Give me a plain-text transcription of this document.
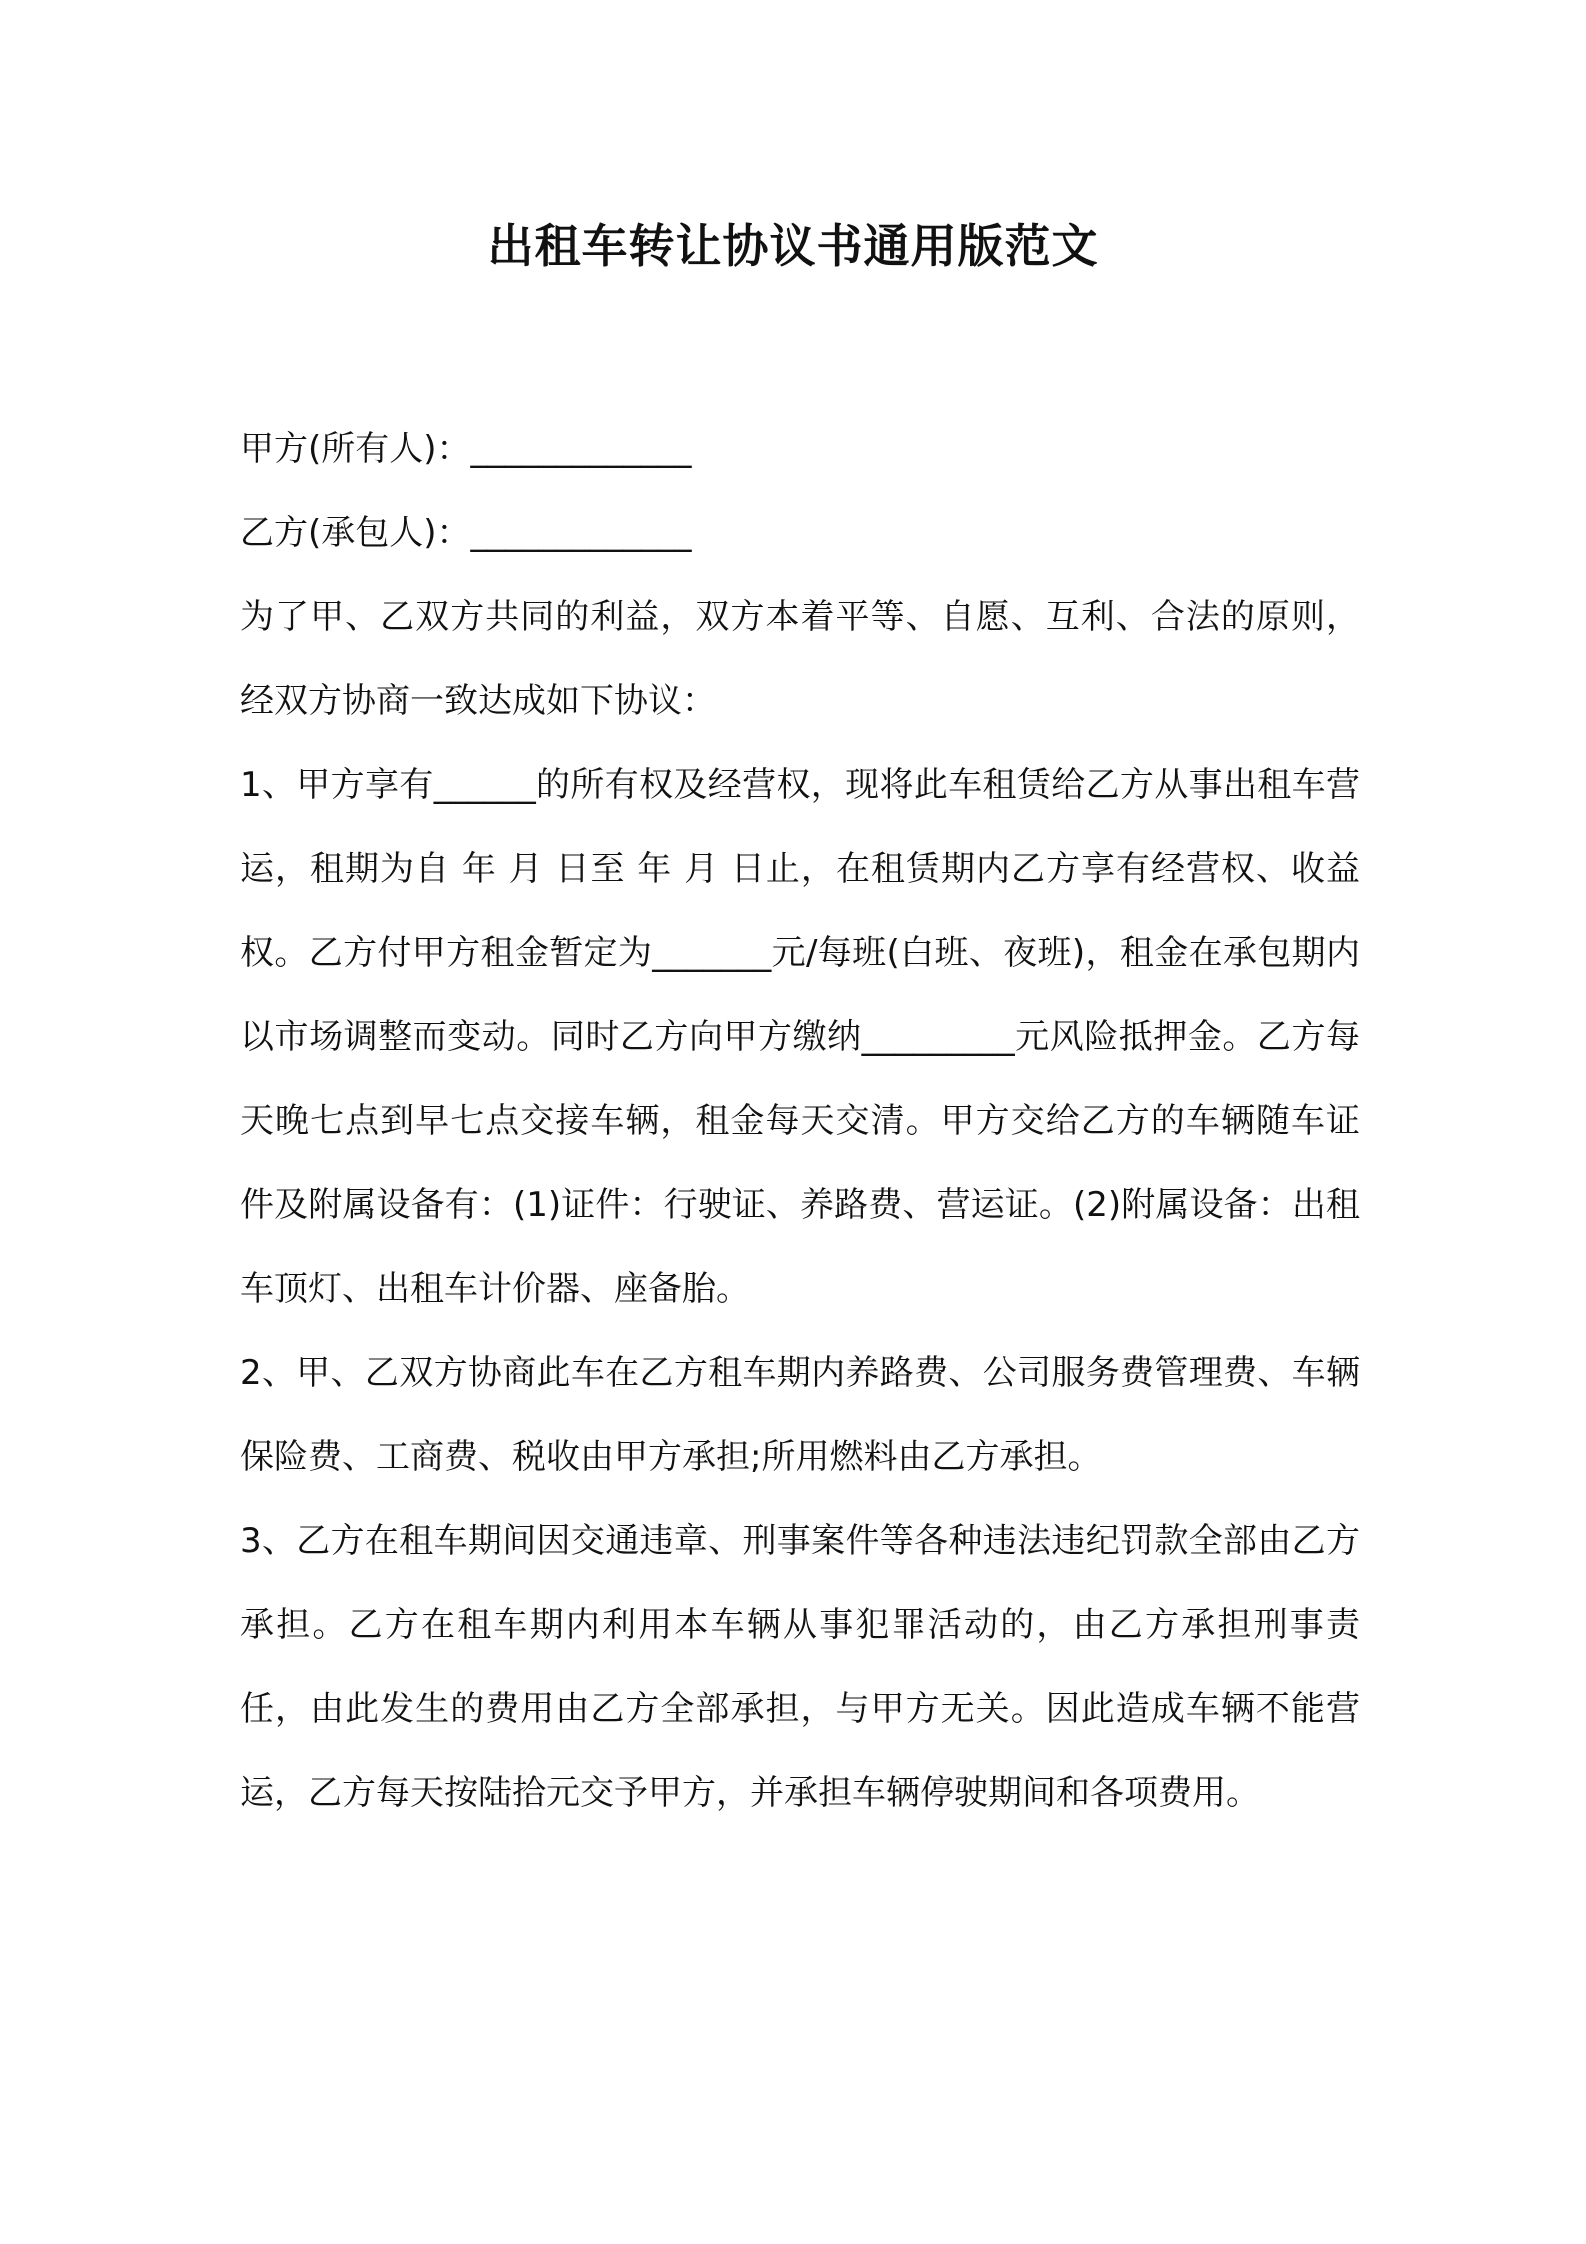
出租车转让协议书通用版范文

甲方(所有人)：_____________

乙方(承包人)：_____________

为了甲、乙双方共同的利益，双方本着平等、自愿、互利、合法的原则，经双方协商一致达成如下协议：

1、甲方享有______的所有权及经营权，现将此车租赁给乙方从事出租车营运，租期为自 年 月 日至 年 月 日止，在租赁期内乙方享有经营权、收益权。乙方付甲方租金暂定为_______元/每班(白班、夜班)，租金在承包期内以市场调整而变动。同时乙方向甲方缴纳_________元风险抵押金。乙方每天晚七点到早七点交接车辆，租金每天交清。甲方交给乙方的车辆随车证件及附属设备有：(1)证件：行驶证、养路费、营运证。(2)附属设备：出租车顶灯、出租车计价器、座备胎。

2、甲、乙双方协商此车在乙方租车期内养路费、公司服务费管理费、车辆保险费、工商费、税收由甲方承担;所用燃料由乙方承担。

3、乙方在租车期间因交通违章、刑事案件等各种违法违纪罚款全部由乙方承担。乙方在租车期内利用本车辆从事犯罪活动的，由乙方承担刑事责任，由此发生的费用由乙方全部承担，与甲方无关。因此造成车辆不能营运，乙方每天按陆拾元交予甲方，并承担车辆停驶期间和各项费用。
